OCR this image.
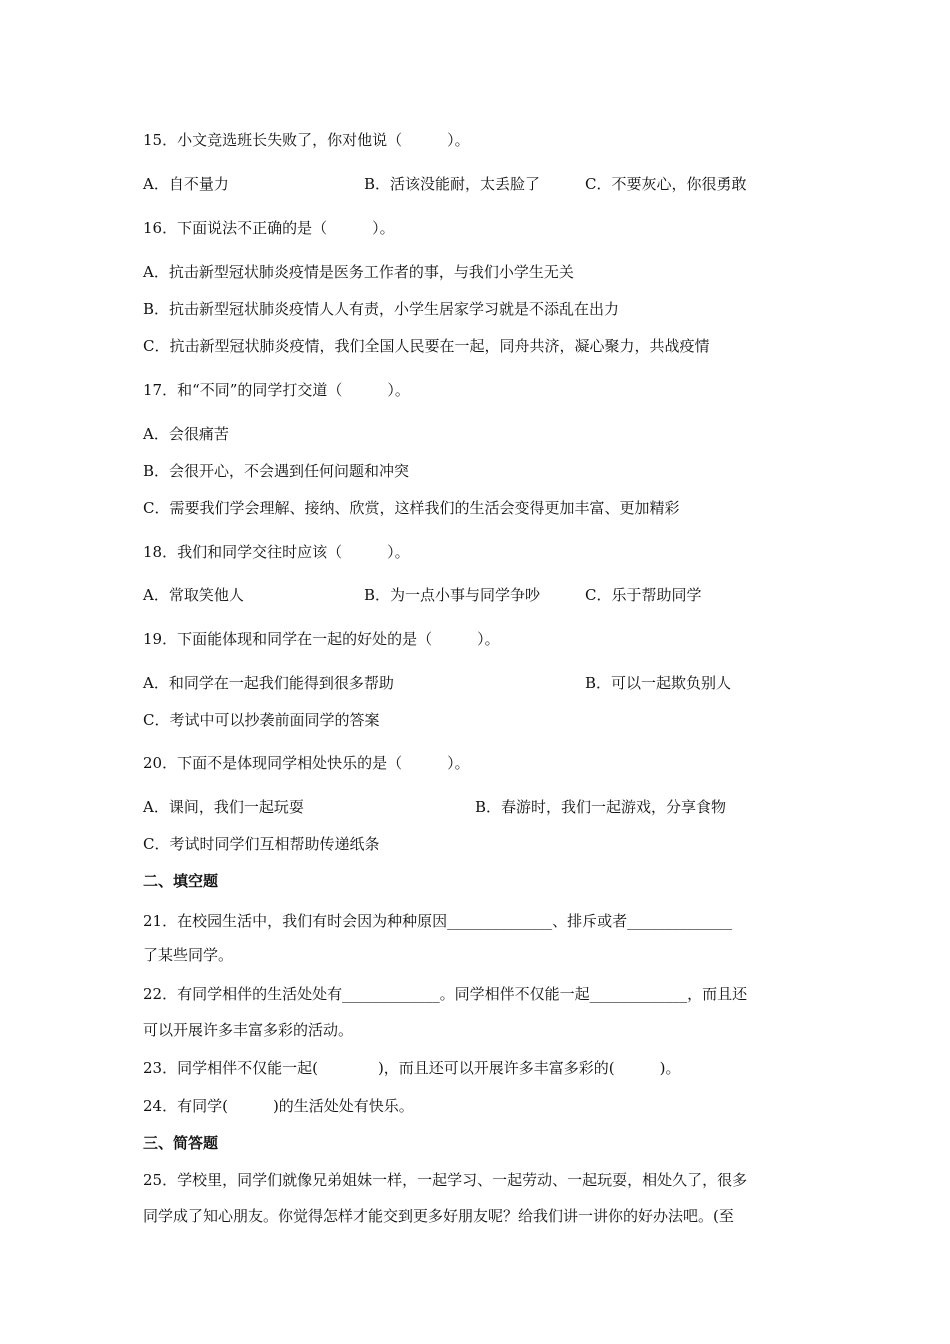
15．小文竞选班长失败了，你对他说（　　　）。
A．自不量力	B．活该没能耐，太丢脸了	C．不要灰心，你很勇敢
16．下面说法不正确的是（　　　）。
A．抗击新型冠状肺炎疫情是医务工作者的事，与我们小学生无关
B．抗击新型冠状肺炎疫情人人有责，小学生居家学习就是不添乱在出力
C．抗击新型冠状肺炎疫情，我们全国人民要在一起，同舟共济，凝心聚力，共战疫情
17．和“不同”的同学打交道（　　　）。
A．会很痛苦
B．会很开心，不会遇到任何问题和冲突
C．需要我们学会理解、接纳、欣赏，这样我们的生活会变得更加丰富、更加精彩
18．我们和同学交往时应该（　　　）。
A．常取笑他人	B．为一点小事与同学争吵	C．乐于帮助同学
19．下面能体现和同学在一起的好处的是（　　　）。
A．和同学在一起我们能得到很多帮助	B．可以一起欺负别人
C．考试中可以抄袭前面同学的答案
20．下面不是体现同学相处快乐的是（　　　）。
A．课间，我们一起玩耍	B．春游时，我们一起游戏，分享食物
C．考试时同学们互相帮助传递纸条
二、填空题
21．在校园生活中，我们有时会因为种种原因______________、排斥或者______________
了某些同学。
22．有同学相伴的生活处处有_____________。同学相伴不仅能一起_____________，而且还
可以开展许多丰富多彩的活动。
23．同学相伴不仅能一起(　　　　)，而且还可以开展许多丰富多彩的(　　　)。
24．有同学(　　　)的生活处处有快乐。
三、简答题
25．学校里，同学们就像兄弟姐妹一样，一起学习、一起劳动、一起玩耍，相处久了，很多
同学成了知心朋友。你觉得怎样才能交到更多好朋友呢？给我们讲一讲你的好办法吧。(至
